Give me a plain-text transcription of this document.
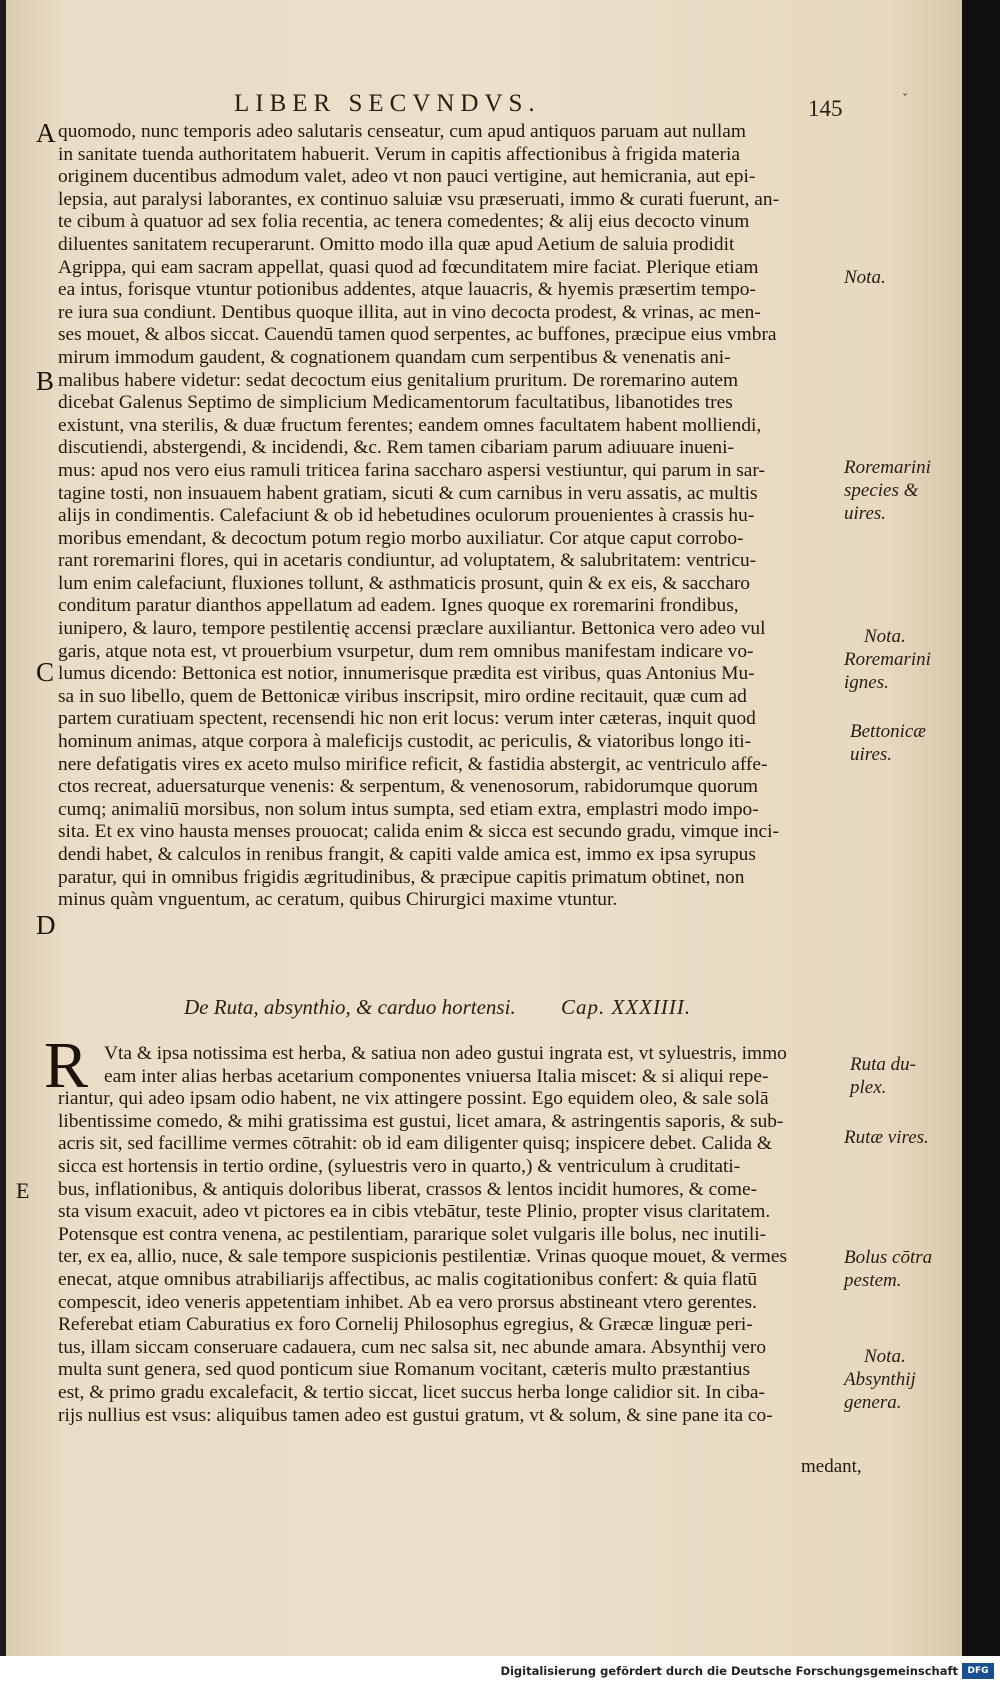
ˇ
LIBER SECVNDVS.	145
A
B
C
D
E
quomodo, nunc temporis adeo salutaris censeatur, cum apud antiquos paruam aut nullam
in sanitate tuenda authoritatem habuerit. Verum in capitis affectionibus à frigida materia
originem ducentibus admodum valet, adeo vt non pauci vertigine, aut hemicrania, aut epi-
lepsia, aut paralysi laborantes, ex continuo saluiæ vsu præseruati, immo & curati fuerunt, an-
te cibum à quatuor ad sex folia recentia, ac tenera comedentes; & alij eius decocto vinum
diluentes sanitatem recuperarunt. Omitto modo illa quæ apud Aetium de saluia prodidit
Agrippa, qui eam sacram appellat, quasi quod ad fœcunditatem mire faciat. Plerique etiam
ea intus, forisque vtuntur potionibus addentes, atque lauacris, & hyemis præsertim tempo-
re iura sua condiunt. Dentibus quoque illita, aut in vino decocta prodest, & vrinas, ac men-
ses mouet, & albos siccat. Cauendū tamen quod serpentes, ac buffones, præcipue eius vmbra
mirum immodum gaudent, & cognationem quandam cum serpentibus & venenatis ani-
malibus habere videtur: sedat decoctum eius genitalium pruritum. De roremarino autem
dicebat Galenus Septimo de simplicium Medicamentorum facultatibus, libanotides tres
existunt, vna sterilis, & duæ fructum ferentes; eandem omnes facultatem habent molliendi,
discutiendi, abstergendi, & incidendi, &c. Rem tamen cibariam parum adiuuare inueni-
mus: apud nos vero eius ramuli triticea farina saccharo aspersi vestiuntur, qui parum in sar-
tagine tosti, non insuauem habent gratiam, sicuti & cum carnibus in veru assatis, ac multis
alijs in condimentis. Calefaciunt & ob id hebetudines oculorum prouenientes à crassis hu-
moribus emendant, & decoctum potum regio morbo auxiliatur. Cor atque caput corrobo-
rant roremarini flores, qui in acetaris condiuntur, ad voluptatem, & salubritatem: ventricu-
lum enim calefaciunt, fluxiones tollunt, & asthmaticis prosunt, quin & ex eis, & saccharo
conditum paratur dianthos appellatum ad eadem. Ignes quoque ex roremarini frondibus,
iunipero, & lauro, tempore pestilentię accensi præclare auxiliantur. Bettonica vero adeo vul
garis, atque nota est, vt prouerbium vsurpetur, dum rem omnibus manifestam indicare vo-
lumus dicendo: Bettonica est notior, innumerisque prædita est viribus, quas Antonius Mu-
sa in suo libello, quem de Bettonicæ viribus inscripsit, miro ordine recitauit, quæ cum ad
partem curatiuam spectent, recensendi hic non erit locus: verum inter cæteras, inquit quod
hominum animas, atque corpora à maleficijs custodit, ac periculis, & viatoribus longo iti-
nere defatigatis vires ex aceto mulso mirifice reficit, & fastidia abstergit, ac ventriculo affe-
ctos recreat, aduersaturque venenis: & serpentum, & venenosorum, rabidorumque quorum
cumq; animaliū morsibus, non solum intus sumpta, sed etiam extra, emplastri modo impo-
sita. Et ex vino hausta menses prouocat; calida enim & sicca est secundo gradu, vimque inci-
dendi habet, & calculos in renibus frangit, & capiti valde amica est, immo ex ipsa syrupus
paratur, qui in omnibus frigidis ægritudinibus, & præcipue capitis primatum obtinet, non
minus quàm vnguentum, ac ceratum, quibus Chirurgici maxime vtuntur.
De Ruta, absynthio, & carduo hortensi. Cap. XXXIIII.
R Vta & ipsa notissima est herba, & satiua non adeo gustui ingrata est, vt syluestris, immo
eam inter alias herbas acetarium componentes vniuersa Italia miscet: & si aliqui repe-
riantur, qui adeo ipsam odio habent, ne vix attingere possint. Ego equidem oleo, & sale solā
libentissime comedo, & mihi gratissima est gustui, licet amara, & astringentis saporis, & sub-
acris sit, sed facillime vermes cōtrahit: ob id eam diligenter quisq; inspicere debet. Calida &
sicca est hortensis in tertio ordine, (syluestris vero in quarto,) & ventriculum à cruditati-
bus, inflationibus, & antiquis doloribus liberat, crassos & lentos incidit humores, & come-
sta visum exacuit, adeo vt pictores ea in cibis vtebātur, teste Plinio, propter visus claritatem.
Potensque est contra venena, ac pestilentiam, pararique solet vulgaris ille bolus, nec inutili-
ter, ex ea, allio, nuce, & sale tempore suspicionis pestilentiæ. Vrinas quoque mouet, & vermes
enecat, atque omnibus atrabiliarijs affectibus, ac malis cogitationibus confert: & quia flatū
compescit, ideo veneris appetentiam inhibet. Ab ea vero prorsus abstineant vtero gerentes.
Referebat etiam Caburatius ex foro Cornelij Philosophus egregius, & Græcæ linguæ peri-
tus, illam siccam conseruare cadauera, cum nec salsa sit, nec abunde amara. Absynthij vero
multa sunt genera, sed quod ponticum siue Romanum vocitant, cæteris multo præstantius
est, & primo gradu excalefacit, & tertio siccat, licet succus herba longe calidior sit. In ciba-
rijs nullius est vsus: aliquibus tamen adeo est gustui gratum, vt & solum, & sine pane ita co-
medant,
Nota.
Roremarini
species &
uires.
Nota.
Roremarini
ignes.
Bettonicæ
uires.
Ruta du-
plex.
Rutæ vires.
Bolus cōtra
pestem.
Nota.
Absynthij
genera.
Digitalisierung gefördert durch die Deutsche Forschungsgemeinschaft	DFG
